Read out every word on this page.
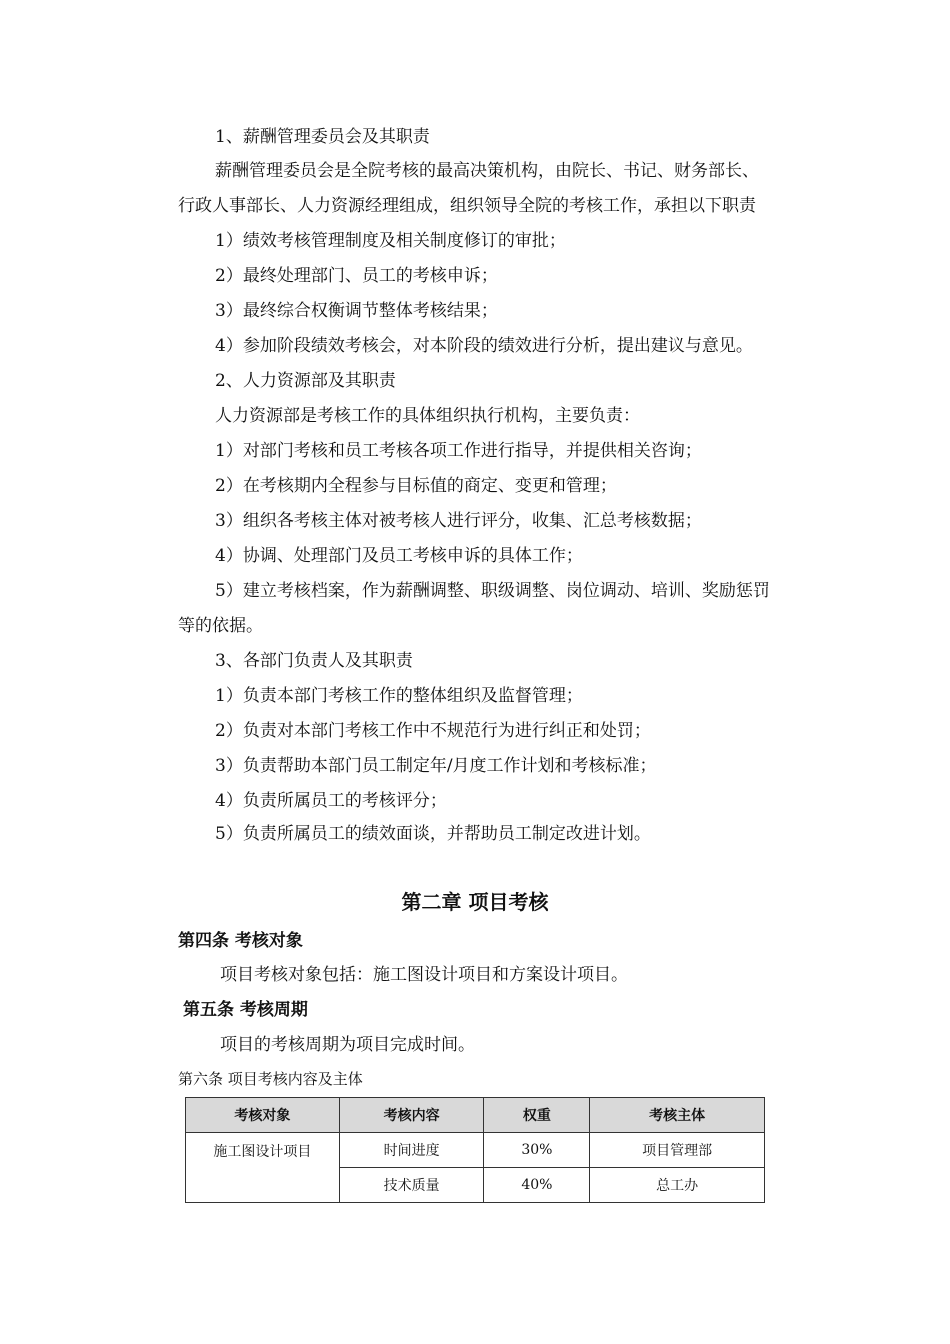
1、薪酬管理委员会及其职责
薪酬管理委员会是全院考核的最高决策机构，由院长、书记、财务部长、
行政人事部长、人力资源经理组成，组织领导全院的考核工作，承担以下职责
1）绩效考核管理制度及相关制度修订的审批；
2）最终处理部门、员工的考核申诉；
3）最终综合权衡调节整体考核结果；
4）参加阶段绩效考核会，对本阶段的绩效进行分析，提出建议与意见。
2、人力资源部及其职责
人力资源部是考核工作的具体组织执行机构，主要负责：
1）对部门考核和员工考核各项工作进行指导，并提供相关咨询；
2）在考核期内全程参与目标值的商定、变更和管理；
3）组织各考核主体对被考核人进行评分，收集、汇总考核数据；
4）协调、处理部门及员工考核申诉的具体工作；
5）建立考核档案，作为薪酬调整、职级调整、岗位调动、培训、奖励惩罚
等的依据。
3、各部门负责人及其职责
1）负责本部门考核工作的整体组织及监督管理；
2）负责对本部门考核工作中不规范行为进行纠正和处罚；
3）负责帮助本部门员工制定年/月度工作计划和考核标准；
4）负责所属员工的考核评分；
5）负责所属员工的绩效面谈，并帮助员工制定改进计划。
第二章 项目考核
第四条 考核对象
项目考核对象包括：施工图设计项目和方案设计项目。
第五条 考核周期
项目的考核周期为项目完成时间。
第六条 项目考核内容及主体
考核对象	考核内容	权重	考核主体
施工图设计项目	时间进度	30%	项目管理部
	技术质量	40%	总工办
